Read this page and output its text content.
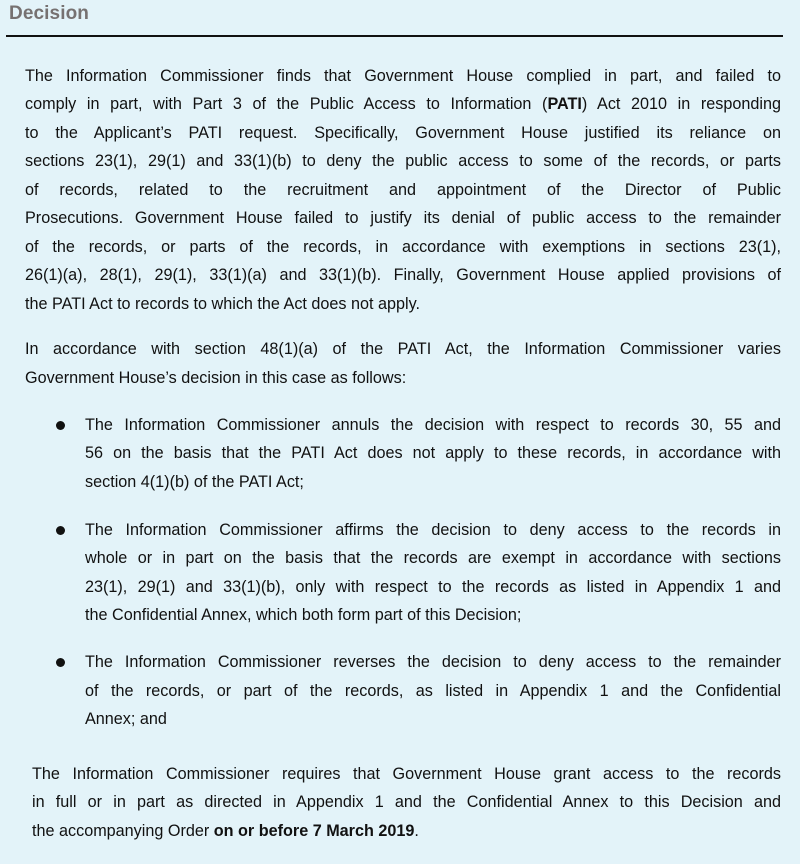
Decision
The Information Commissioner finds that Government House complied in part, and failed to
comply in part, with Part 3 of the Public Access to Information (PATI) Act 2010 in responding
to the Applicant’s PATI request. Specifically, Government House justified its reliance on
sections 23(1), 29(1) and 33(1)(b) to deny the public access to some of the records, or parts
of records, related to the recruitment and appointment of the Director of Public
Prosecutions. Government House failed to justify its denial of public access to the remainder
of the records, or parts of the records, in accordance with exemptions in sections 23(1),
26(1)(a), 28(1), 29(1), 33(1)(a) and 33(1)(b). Finally, Government House applied provisions of
the PATI Act to records to which the Act does not apply.
In accordance with section 48(1)(a) of the PATI Act, the Information Commissioner varies
Government House’s decision in this case as follows:
The Information Commissioner annuls the decision with respect to records 30, 55 and
56 on the basis that the PATI Act does not apply to these records, in accordance with
section 4(1)(b) of the PATI Act;
The Information Commissioner affirms the decision to deny access to the records in
whole or in part on the basis that the records are exempt in accordance with sections
23(1), 29(1) and 33(1)(b), only with respect to the records as listed in Appendix 1 and
the Confidential Annex, which both form part of this Decision;
The Information Commissioner reverses the decision to deny access to the remainder
of the records, or part of the records, as listed in Appendix 1 and the Confidential
Annex; and
The Information Commissioner requires that Government House grant access to the records
in full or in part as directed in Appendix 1 and the Confidential Annex to this Decision and
the accompanying Order on or before 7 March 2019.
